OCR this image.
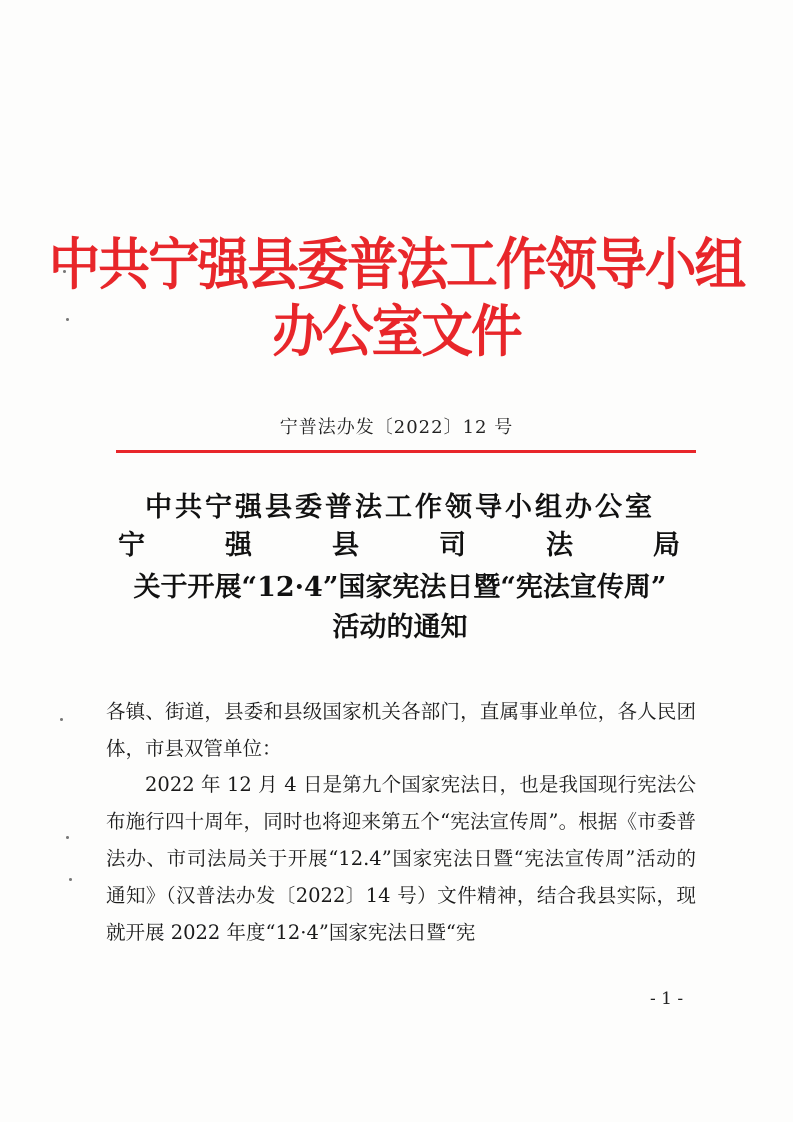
中共宁强县委普法工作领导小组办公室文件
宁普法办发〔2022〕12 号
中共宁强县委普法工作领导小组办公室
宁	强	县	司	法	局
关于开展“12·4”国家宪法日暨“宪法宣传周”
活动的通知
各镇、街道，县委和县级国家机关各部门，直属事业单位，各人民团体，市县双管单位：
2022 年 12 月 4 日是第九个国家宪法日，也是我国现行宪法公布施行四十周年，同时也将迎来第五个“宪法宣传周”。根据《市委普法办、市司法局关于开展“12.4”国家宪法日暨“宪法宣传周”活动的通知》（汉普法办发〔2022〕14 号）文件精神，结合我县实际，现就开展 2022 年度“12·4”国家宪法日暨“宪
- 1 -
